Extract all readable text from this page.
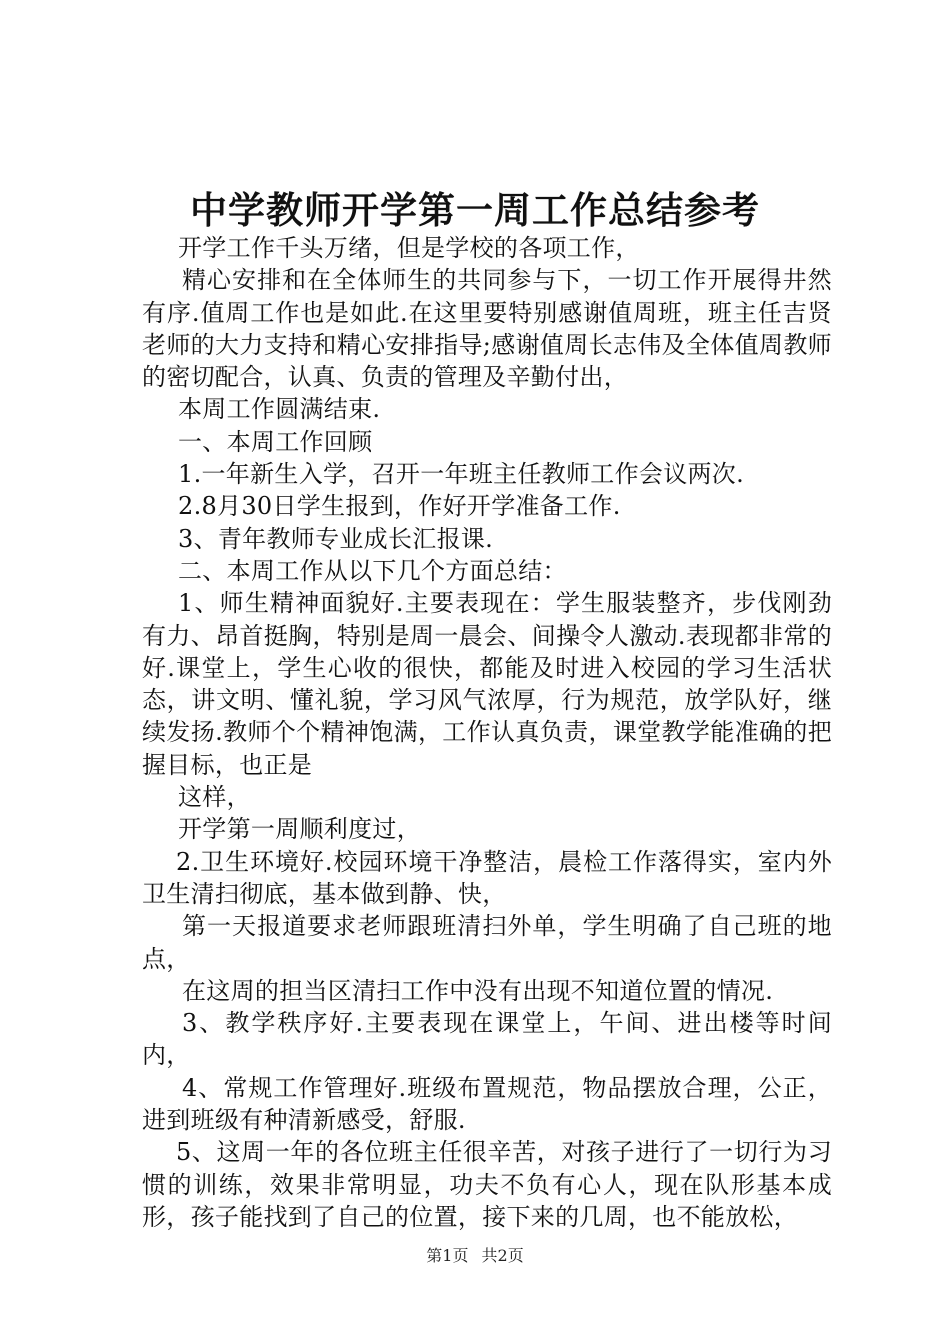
中学教师开学第一周工作总结参考

开学工作千头万绪，但是学校的各项工作，

精心安排和在全体师生的共同参与下，一切工作开展得井然有序.值周工作也是如此.在这里要特别感谢值周班，班主任吉贤老师的大力支持和精心安排指导;感谢值周长志伟及全体值周教师的密切配合，认真、负责的管理及辛勤付出，

本周工作圆满结束.

一、本周工作回顾

1.一年新生入学，召开一年班主任教师工作会议两次.

2.8月30日学生报到，作好开学准备工作.

3、青年教师专业成长汇报课.

二、本周工作从以下几个方面总结：

1、师生精神面貌好.主要表现在：学生服装整齐，步伐刚劲有力、昂首挺胸，特别是周一晨会、间操令人激动.表现都非常的好.课堂上，学生心收的很快，都能及时进入校园的学习生活状态，讲文明、懂礼貌，学习风气浓厚，行为规范，放学队好，继续发扬.教师个个精神饱满，工作认真负责，课堂教学能准确的把握目标，也正是

这样，

开学第一周顺利度过，

2.卫生环境好.校园环境干净整洁，晨检工作落得实，室内外卫生清扫彻底，基本做到静、快，

第一天报道要求老师跟班清扫外单，学生明确了自己班的地点，

在这周的担当区清扫工作中没有出现不知道位置的情况.

3、教学秩序好.主要表现在课堂上，午间、进出楼等时间内，

4、常规工作管理好.班级布置规范，物品摆放合理，公正，进到班级有种清新感受，舒服.

5、这周一年的各位班主任很辛苦，对孩子进行了一切行为习惯的训练，效果非常明显，功夫不负有心人，现在队形基本成形，孩子能找到了自己的位置，接下来的几周，也不能放松，

第1页 共2页
